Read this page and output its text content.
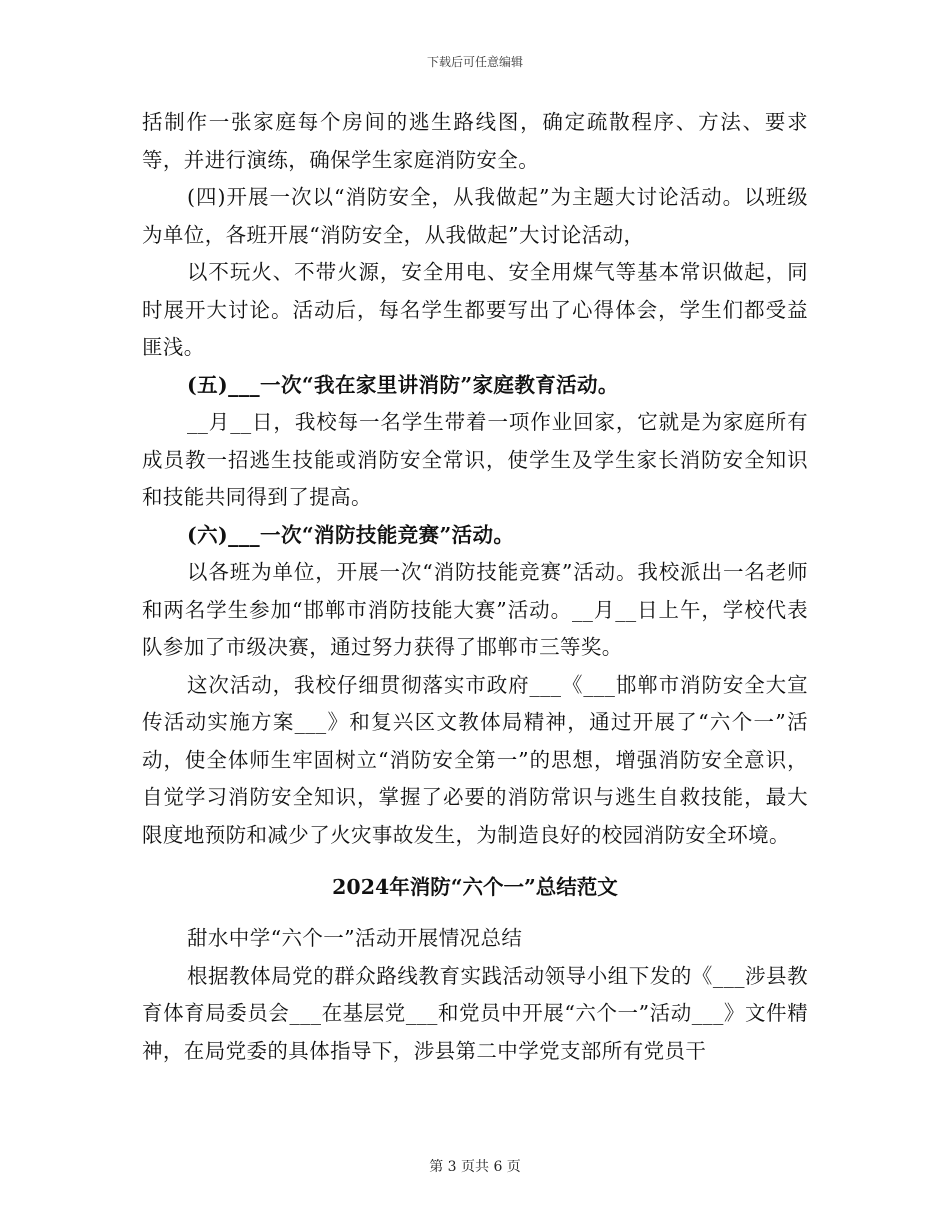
下载后可任意编辑

括制作一张家庭每个房间的逃生路线图，确定疏散程序、方法、要求等，并进行演练，确保学生家庭消防安全。

(四)开展一次以“消防安全，从我做起”为主题大讨论活动。以班级为单位，各班开展“消防安全，从我做起”大讨论活动，

以不玩火、不带火源，安全用电、安全用煤气等基本常识做起，同时展开大讨论。活动后，每名学生都要写出了心得体会，学生们都受益匪浅。

(五)___一次“我在家里讲消防”家庭教育活动。

__月__日，我校每一名学生带着一项作业回家，它就是为家庭所有成员教一招逃生技能或消防安全常识，使学生及学生家长消防安全知识和技能共同得到了提高。

(六)___一次“消防技能竞赛”活动。

以各班为单位，开展一次“消防技能竞赛”活动。我校派出一名老师和两名学生参加“邯郸市消防技能大赛”活动。__月__日上午，学校代表队参加了市级决赛，通过努力获得了邯郸市三等奖。

这次活动，我校仔细贯彻落实市政府___《___邯郸市消防安全大宣传活动实施方案___》和复兴区文教体局精神，通过开展了“六个一”活动，使全体师生牢固树立“消防安全第一”的思想，增强消防安全意识，自觉学习消防安全知识，掌握了必要的消防常识与逃生自救技能，最大限度地预防和减少了火灾事故发生，为制造良好的校园消防安全环境。

2024年消防“六个一”总结范文

甜水中学“六个一”活动开展情况总结

根据教体局党的群众路线教育实践活动领导小组下发的《___涉县教育体育局委员会___在基层党___和党员中开展“六个一”活动___》文件精神，在局党委的具体指导下，涉县第二中学党支部所有党员干

第 3 页共 6 页
